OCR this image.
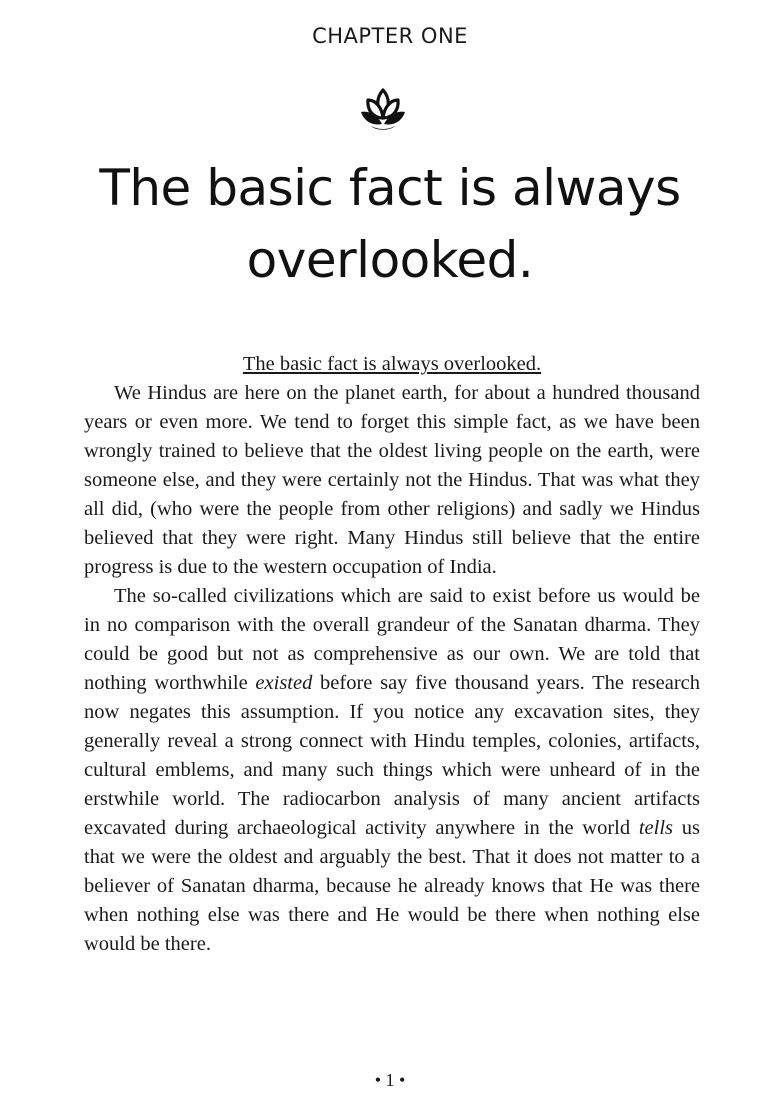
CHAPTER ONE
The basic fact is always overlooked.

The basic fact is always overlooked.

We Hindus are here on the planet earth, for about a hundred thousand years or even more. We tend to forget this simple fact, as we have been wrongly trained to believe that the oldest living people on the earth, were someone else, and they were certainly not the Hindus. That was what they all did, (who were the people from other religions) and sadly we Hindus believed that they were right. Many Hindus still believe that the entire progress is due to the western occupation of India.

The so-called civilizations which are said to exist before us would be in no comparison with the overall grandeur of the Sanatan dharma. They could be good but not as comprehensive as our own. We are told that nothing worthwhile existed before say five thousand years. The research now negates this assumption. If you notice any excavation sites, they generally reveal a strong connect with Hindu temples, colonies, artifacts, cultural emblems, and many such things which were unheard of in the erstwhile world. The radiocarbon analysis of many ancient artifacts excavated during archaeological activity anywhere in the world tells us that we were the oldest and arguably the best. That it does not matter to a believer of Sanatan dharma, because he already knows that He was there when nothing else was there and He would be there when nothing else would be there.

• 1 •
